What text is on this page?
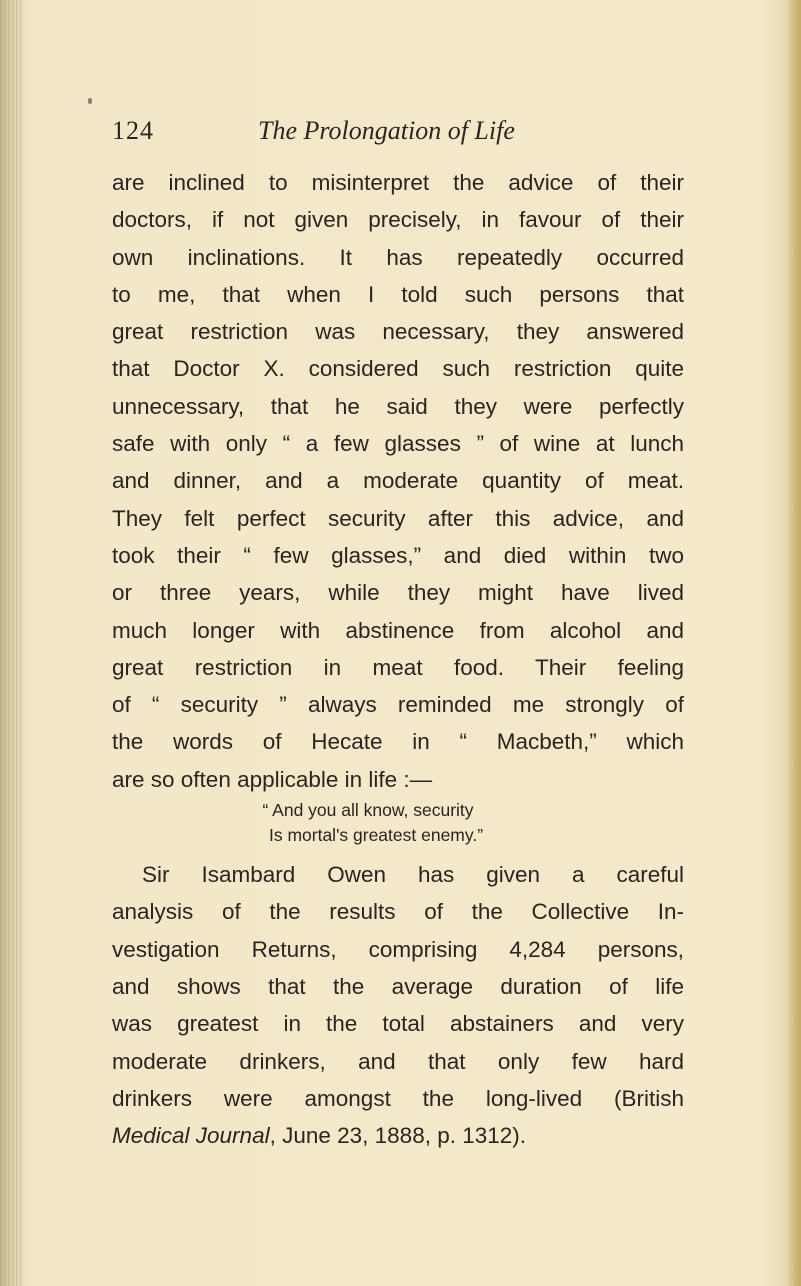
124	The Prolongation of Life
are inclined to misinterpret the advice of their
doctors, if not given precisely, in favour of their
own inclinations. It has repeatedly occurred
to me, that when I told such persons that
great restriction was necessary, they answered
that Doctor X. considered such restriction quite
unnecessary, that he said they were perfectly
safe with only “ a few glasses ” of wine at lunch
and dinner, and a moderate quantity of meat.
They felt perfect security after this advice, and
took their “ few glasses,” and died within two
or three years, while they might have lived
much longer with abstinence from alcohol and
great restriction in meat food. Their feeling
of “ security ” always reminded me strongly of
the words of Hecate in “ Macbeth,” which
are so often applicable in life :—
“ And you all know, security
Is mortal's greatest enemy.”
Sir Isambard Owen has given a careful
analysis of the results of the Collective In-
vestigation Returns, comprising 4,284 persons,
and shows that the average duration of life
was greatest in the total abstainers and very
moderate drinkers, and that only few hard
drinkers were amongst the long-lived (British
Medical Journal, June 23, 1888, p. 1312).
